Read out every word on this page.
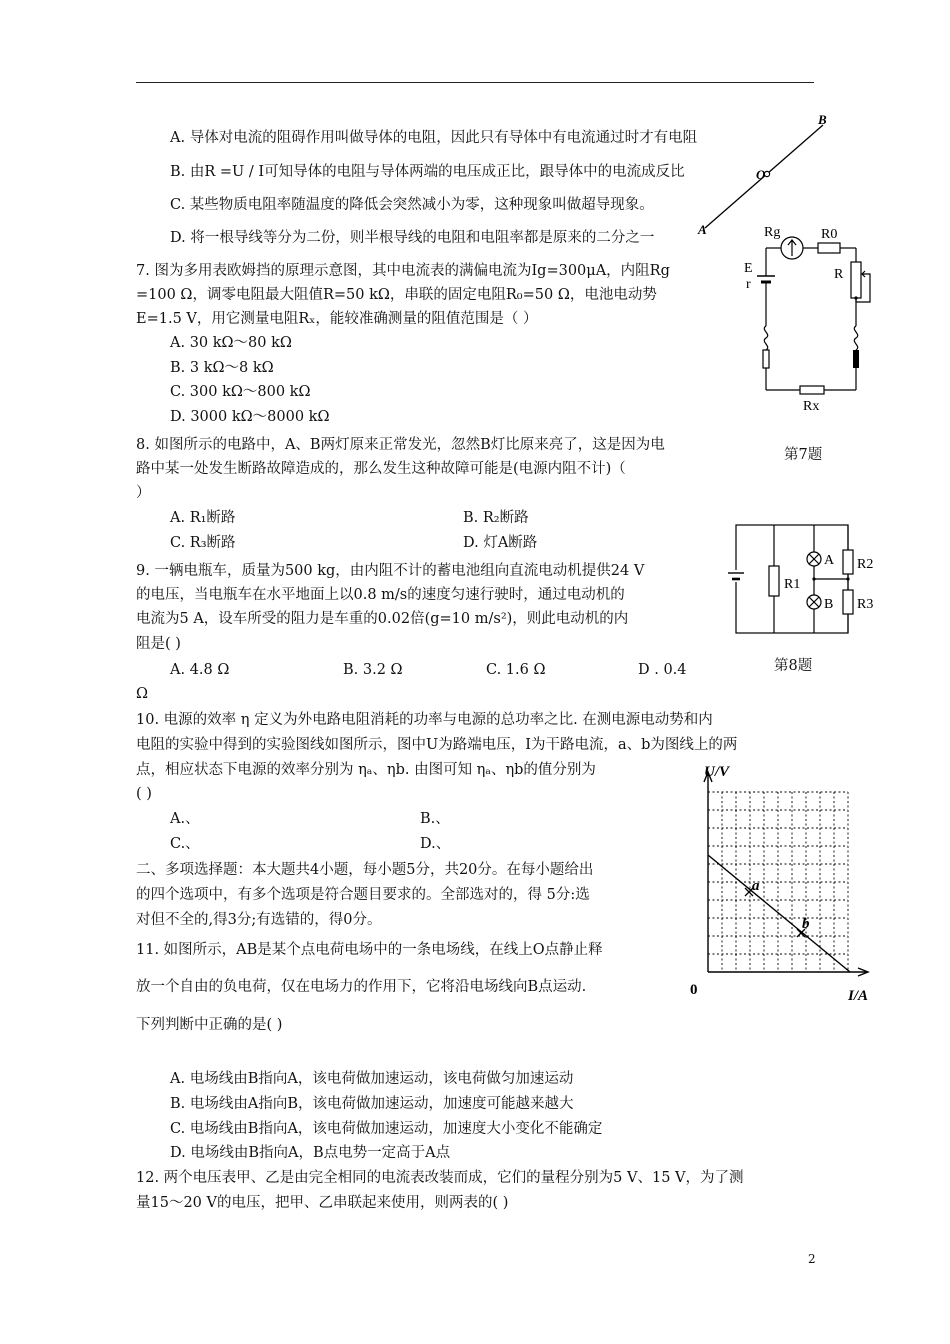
B
O
A
A. 导体对电流的阻碍作用叫做导体的电阻，因此只有导体中有电流通过时才有电阻
B. 由R =U / I可知导体的电阻与导体两端的电压成正比，跟导体中的电流成反比
C. 某些物质电阻率随温度的降低会突然减小为零，这种现象叫做超导现象。
D. 将一根导线等分为二份，则半根导线的电阻和电阻率都是原来的二分之一	Rg	R0
R
E
r
Rx
第7题
7. 图为多用表欧姆挡的原理示意图，其中电流表的满偏电流为Ig=300μA，内阻Rg
=100 Ω，调零电阻最大阻值R=50 kΩ，串联的固定电阻R₀=50 Ω，电池电动势
E=1.5 V，用它测量电阻Rₓ，能较准确测量的阻值范围是（ ）
A. 30 kΩ～80 kΩ
B. 3 kΩ～8 kΩ
C. 300 kΩ～800 kΩ
D. 3000 kΩ～8000 kΩ
8. 如图所示的电路中，A、B两灯原来正常发光，忽然B灯比原来亮了，这是因为电
路中某一处发生断路故障造成的，那么发生这种故障可能是(电源内阻不计)（
）
A. R₁断路	B. R₂断路
C. R₃断路	D. 灯A断路
R1
A
B
R2
R3
第8题
9. 一辆电瓶车，质量为500 kg，由内阻不计的蓄电池组向直流电动机提供24 V
的电压，当电瓶车在水平地面上以0.8 m/s的速度匀速行驶时，通过电动机的
电流为5 A，设车所受的阻力是车重的0.02倍(g=10 m/s²)，则此电动机的内
阻是( )
A. 4.8 Ω	B. 3.2 Ω	C. 1.6 Ω	D . 0.4
Ω
10. 电源的效率 η 定义为外电路电阻消耗的功率与电源的总功率之比. 在测电源电动势和内
电阻的实验中得到的实验图线如图所示，图中U为路端电压，I为干路电流，a、b为图线上的两
点，相应状态下电源的效率分别为 ηₐ、ηb. 由图可知 ηₐ、ηb的值分别为
( )
A.、	B.、
C.、	D.、
U/V
I/A
0
a
b
二、多项选择题：本大题共4小题，每小题5分，共20分。在每小题给出
的四个选项中，有多个选项是符合题目要求的。全部选对的，得 5分:选
对但不全的,得3分;有选错的，得0分。
11. 如图所示，AB是某个点电荷电场中的一条电场线，在线上O点静止释
放一个自由的负电荷，仅在电场力的作用下，它将沿电场线向B点运动.
下列判断中正确的是( )
A. 电场线由B指向A，该电荷做加速运动，该电荷做匀加速运动
B. 电场线由A指向B，该电荷做加速运动，加速度可能越来越大
C. 电场线由B指向A，该电荷做加速运动，加速度大小变化不能确定
D. 电场线由B指向A，B点电势一定高于A点
12. 两个电压表甲、乙是由完全相同的电流表改装而成，它们的量程分别为5 V、15 V，为了测
量15～20 V的电压，把甲、乙串联起来使用，则两表的( )
2
